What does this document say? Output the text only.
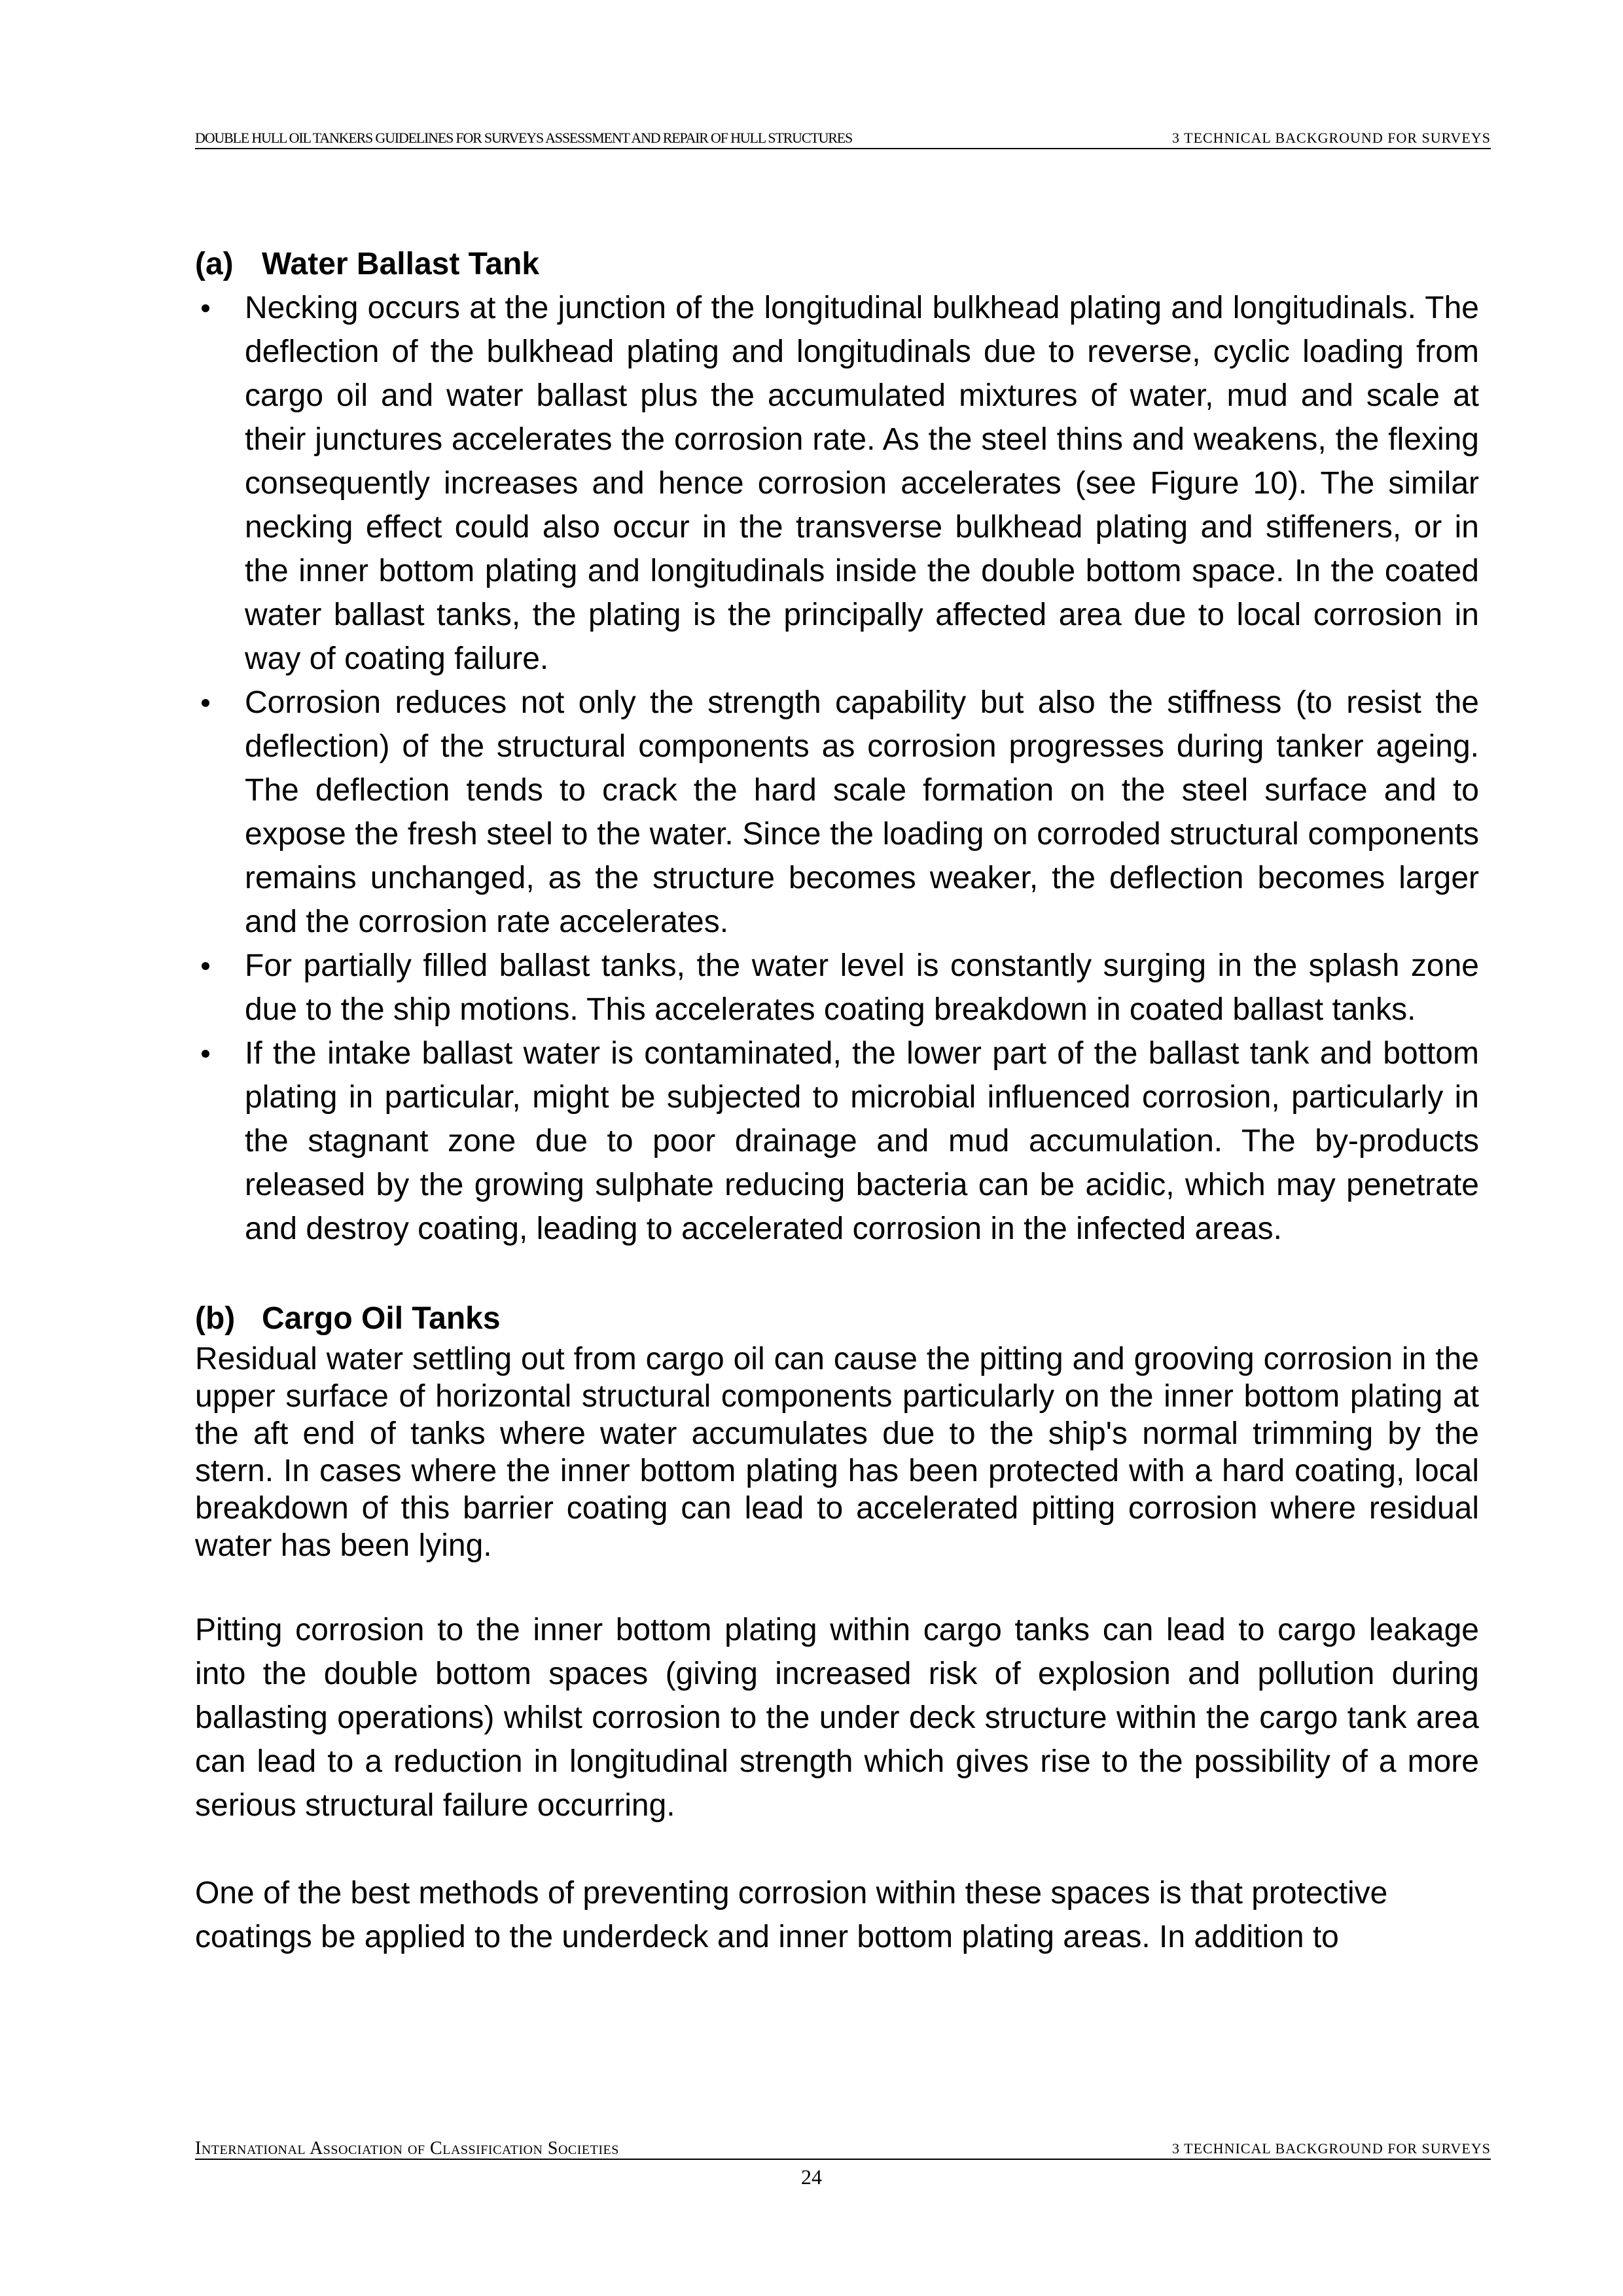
DOUBLE HULL OIL TANKERS GUIDELINES FOR SURVEYS ASSESSMENT AND REPAIR OF HULL STRUCTURES	3 TECHNICAL BACKGROUND FOR SURVEYS
(a) Water Ballast Tank
Necking occurs at the junction of the longitudinal bulkhead plating and longitudinals. The deflection of the bulkhead plating and longitudinals due to reverse, cyclic loading from cargo oil and water ballast plus the accumulated mixtures of water, mud and scale at their junctures accelerates the corrosion rate. As the steel thins and weakens, the flexing consequently increases and hence corrosion accelerates (see Figure 10). The similar necking effect could also occur in the transverse bulkhead plating and stiffeners, or in the inner bottom plating and longitudinals inside the double bottom space. In the coated water ballast tanks, the plating is the principally affected area due to local corrosion in way of coating failure.
Corrosion reduces not only the strength capability but also the stiffness (to resist the deflection) of the structural components as corrosion progresses during tanker ageing. The deflection tends to crack the hard scale formation on the steel surface and to expose the fresh steel to the water. Since the loading on corroded structural components remains unchanged, as the structure becomes weaker, the deflection becomes larger and the corrosion rate accelerates.
For partially filled ballast tanks, the water level is constantly surging in the splash zone due to the ship motions. This accelerates coating breakdown in coated ballast tanks.
If the intake ballast water is contaminated, the lower part of the ballast tank and bottom plating in particular, might be subjected to microbial influenced corrosion, particularly in the stagnant zone due to poor drainage and mud accumulation. The by-products released by the growing sulphate reducing bacteria can be acidic, which may penetrate and destroy coating, leading to accelerated corrosion in the infected areas.
(b) Cargo Oil Tanks

Residual water settling out from cargo oil can cause the pitting and grooving corrosion in the upper surface of horizontal structural components particularly on the inner bottom plating at the aft end of tanks where water accumulates due to the ship's normal trimming by the stern. In cases where the inner bottom plating has been protected with a hard coating, local breakdown of this barrier coating can lead to accelerated pitting corrosion where residual water has been lying.

Pitting corrosion to the inner bottom plating within cargo tanks can lead to cargo leakage into the double bottom spaces (giving increased risk of explosion and pollution during ballasting operations) whilst corrosion to the under deck structure within the cargo tank area can lead to a reduction in longitudinal strength which gives rise to the possibility of a more serious structural failure occurring.

One of the best methods of preventing corrosion within these spaces is that protective coatings be applied to the underdeck and inner bottom plating areas. In addition to

International Association of Classification Societies	3 TECHNICAL BACKGROUND FOR SURVEYS
24
